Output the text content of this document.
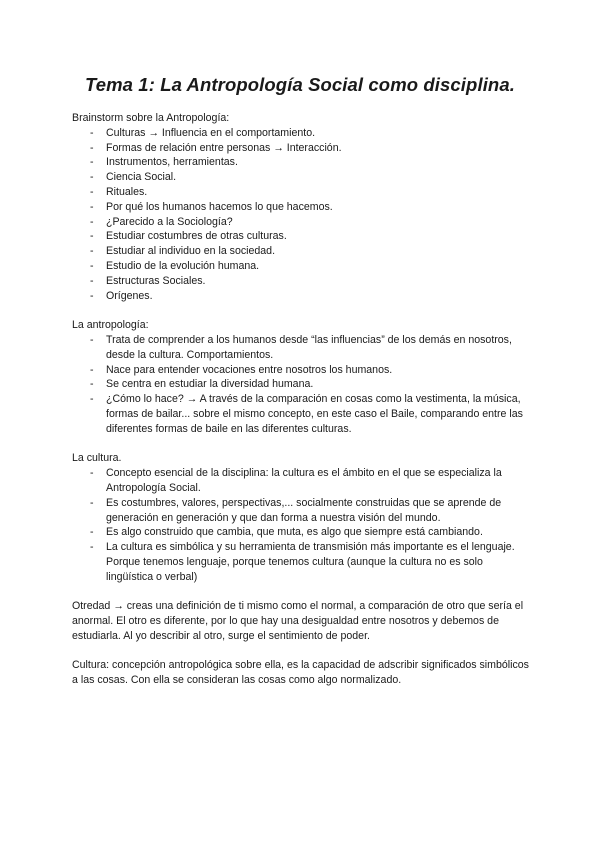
Tema 1: La Antropología Social como disciplina.

Brainstorm sobre la Antropología:

- Culturas → Influencia en el comportamiento.
- Formas de relación entre personas → Interacción.
- Instrumentos, herramientas.
- Ciencia Social.
- Rituales.
- Por qué los humanos hacemos lo que hacemos.
- ¿Parecido a la Sociología?
- Estudiar costumbres de otras culturas.
- Estudiar al individuo en la sociedad.
- Estudio de la evolución humana.
- Estructuras Sociales.
- Orígenes.

La antropología:

- Trata de comprender a los humanos desde “las influencias” de los demás en nosotros, desde la cultura. Comportamientos.
- Nace para entender vocaciones entre nosotros los humanos.
- Se centra en estudiar la diversidad humana.
- ¿Cómo lo hace? → A través de la comparación en cosas como la vestimenta, la música, formas de bailar... sobre el mismo concepto, en este caso el Baile, comparando entre las diferentes formas de baile en las diferentes culturas.

La cultura.

- Concepto esencial de la disciplina: la cultura es el ámbito en el que se especializa la Antropología Social.
- Es costumbres, valores, perspectivas,... socialmente construidas que se aprende de generación en generación y que dan forma a nuestra visión del mundo.
- Es algo construido que cambia, que muta, es algo que siempre está cambiando.
- La cultura es simbólica y su herramienta de transmisión más importante es el lenguaje. Porque tenemos lenguaje, porque tenemos cultura (aunque la cultura no es solo lingüística o verbal)

Otredad → creas una definición de ti mismo como el normal, a comparación de otro que sería el anormal. El otro es diferente, por lo que hay una desigualdad entre nosotros y debemos de estudiarla. Al yo describir al otro, surge el sentimiento de poder.

Cultura: concepción antropológica sobre ella, es la capacidad de adscribir significados simbólicos a las cosas. Con ella se consideran las cosas como algo normalizado.
